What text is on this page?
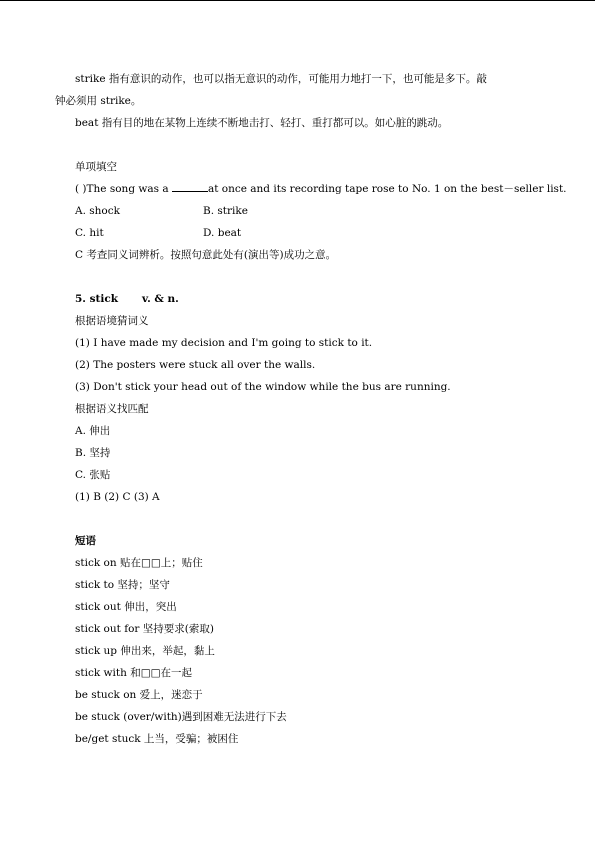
strike 指有意识的动作，也可以指无意识的动作，可能用力地打一下，也可能是多下。敲
钟必须用 strike。
beat 指有目的地在某物上连续不断地击打、轻打、重打都可以。如心脏的跳动。
单项填空
( )The song was a	at once and its recording tape rose to No. 1 on the best－seller list.
A. shock	B. strike
C. hit	D. beat
C 考查同义词辨析。按照句意此处有(演出等)成功之意。
5. stick v. & n.
根据语境猜词义
(1) I have made my decision and I'm going to stick to it.
(2) The posters were stuck all over the walls.
(3) Don't stick your head out of the window while the bus are running.
根据语义找匹配
A. 伸出
B. 坚持
C. 张贴
(1) B (2) C (3) A
短语
stick on 贴在□□上；贴住
stick to 坚持；坚守
stick out 伸出，突出
stick out for 坚持要求(索取)
stick up 伸出来，举起，黏上
stick with 和□□在一起
be stuck on 爱上，迷恋于
be stuck (over/with)遇到困难无法进行下去
be/get stuck 上当，受骗；被困住
